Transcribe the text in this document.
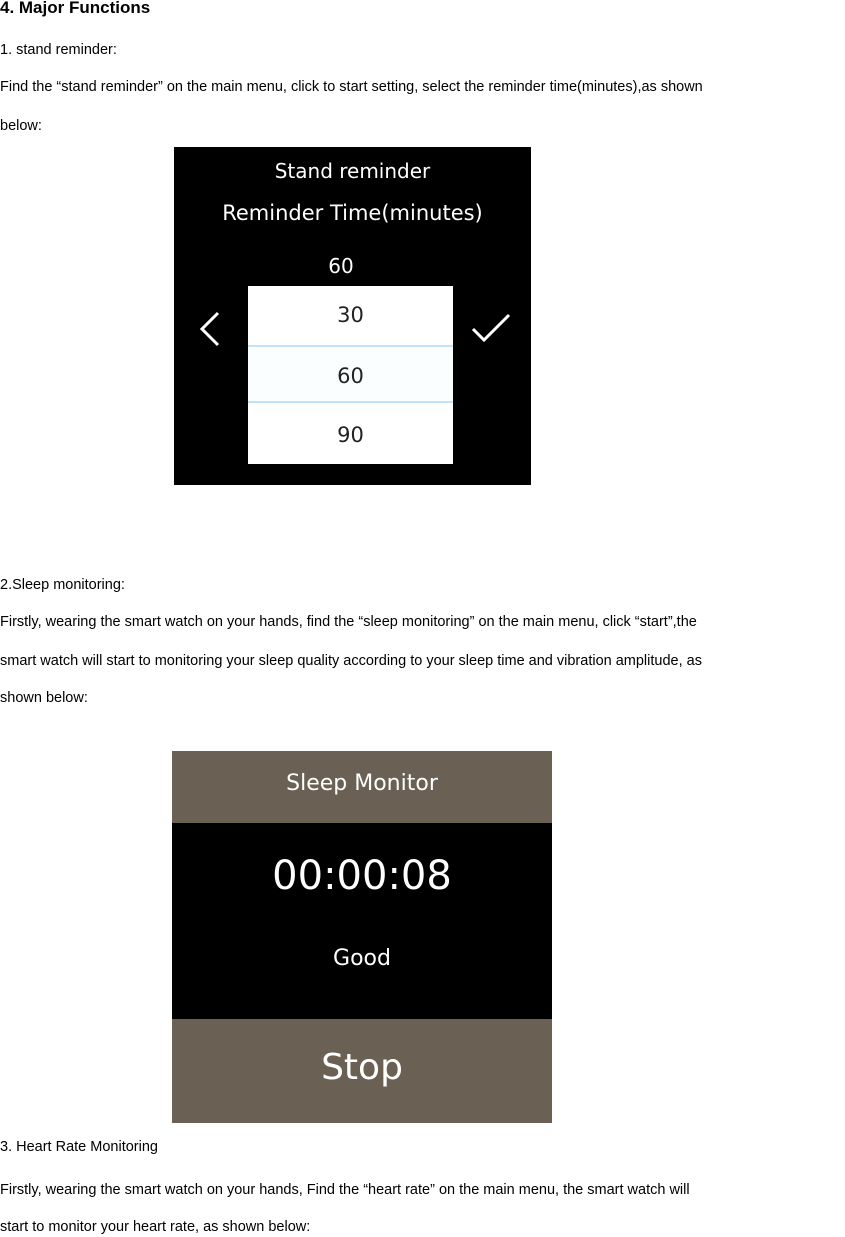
4. Major Functions
1. stand reminder:
Find the “stand reminder” on the main menu, click to start setting, select the reminder time(minutes),as shown
below:
Stand reminder
Reminder Time(minutes)
60
30
60
90
2.Sleep monitoring:
Firstly, wearing the smart watch on your hands, find the “sleep monitoring” on the main menu, click “start”,the
smart watch will start to monitoring your sleep quality according to your sleep time and vibration amplitude, as
shown below:
Sleep Monitor
00:00:08
Good
Stop
3. Heart Rate Monitoring
Firstly, wearing the smart watch on your hands, Find the “heart rate” on the main menu, the smart watch will
start to monitor your heart rate, as shown below:
